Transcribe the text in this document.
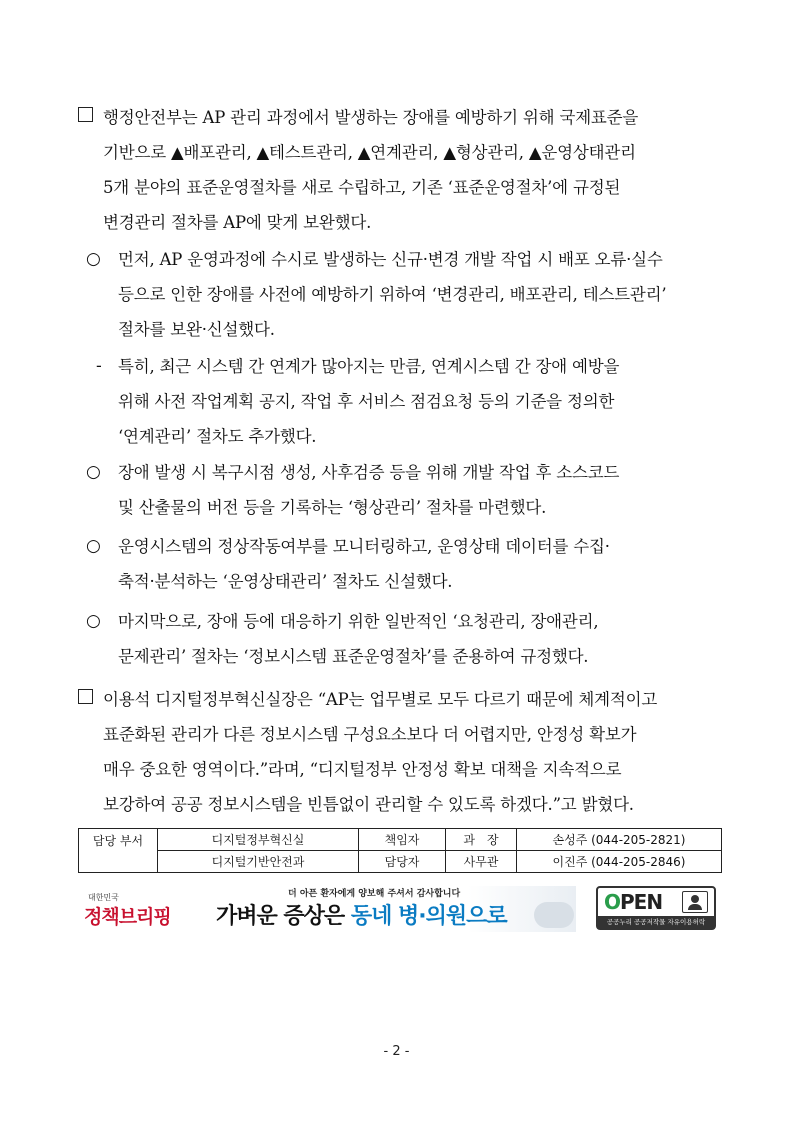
행정안전부는 AP 관리 과정에서 발생하는 장애를 예방하기 위해 국제표준을
기반으로 ▲배포관리, ▲테스트관리, ▲연계관리, ▲형상관리, ▲운영상태관리
5개 분야의 표준운영절차를 새로 수립하고, 기존 ‘표준운영절차’에 규정된
변경관리 절차를 AP에 맞게 보완했다.
○ 먼저, AP 운영과정에 수시로 발생하는 신규·변경 개발 작업 시 배포 오류·실수
등으로 인한 장애를 사전에 예방하기 위하여 ‘변경관리, 배포관리, 테스트관리’
절차를 보완·신설했다.
- 특히, 최근 시스템 간 연계가 많아지는 만큼, 연계시스템 간 장애 예방을
위해 사전 작업계획 공지, 작업 후 서비스 점검요청 등의 기준을 정의한
‘연계관리’ 절차도 추가했다.
○ 장애 발생 시 복구시점 생성, 사후검증 등을 위해 개발 작업 후 소스코드
및 산출물의 버전 등을 기록하는 ‘형상관리’ 절차를 마련했다.
○ 운영시스템의 정상작동여부를 모니터링하고, 운영상태 데이터를 수집·
축적·분석하는 ‘운영상태관리’ 절차도 신설했다.
○ 마지막으로, 장애 등에 대응하기 위한 일반적인 ‘요청관리, 장애관리,
문제관리’ 절차는 ‘정보시스템 표준운영절차’를 준용하여 규정했다.
이용석 디지털정부혁신실장은 “AP는 업무별로 모두 다르기 때문에 체계적이고
표준화된 관리가 다른 정보시스템 구성요소보다 더 어렵지만, 안정성 확보가
매우 중요한 영역이다.”라며, “디지털정부 안정성 확보 대책을 지속적으로
보강하여 공공 정보시스템을 빈틈없이 관리할 수 있도록 하겠다.”고 밝혔다.
담당 부서	디지털정부혁신실	책임자	과　장	손성주 (044-205-2821)
	디지털기반안전과	담당자	사무관	이진주 (044-205-2846)
대한민국
정책브리핑
더 아픈 환자에게 양보해 주셔서 감사합니다
가벼운 증상은 동네 병·의원으로
OPEN
공공누리 공공저작물 자유이용허락
- 2 -
